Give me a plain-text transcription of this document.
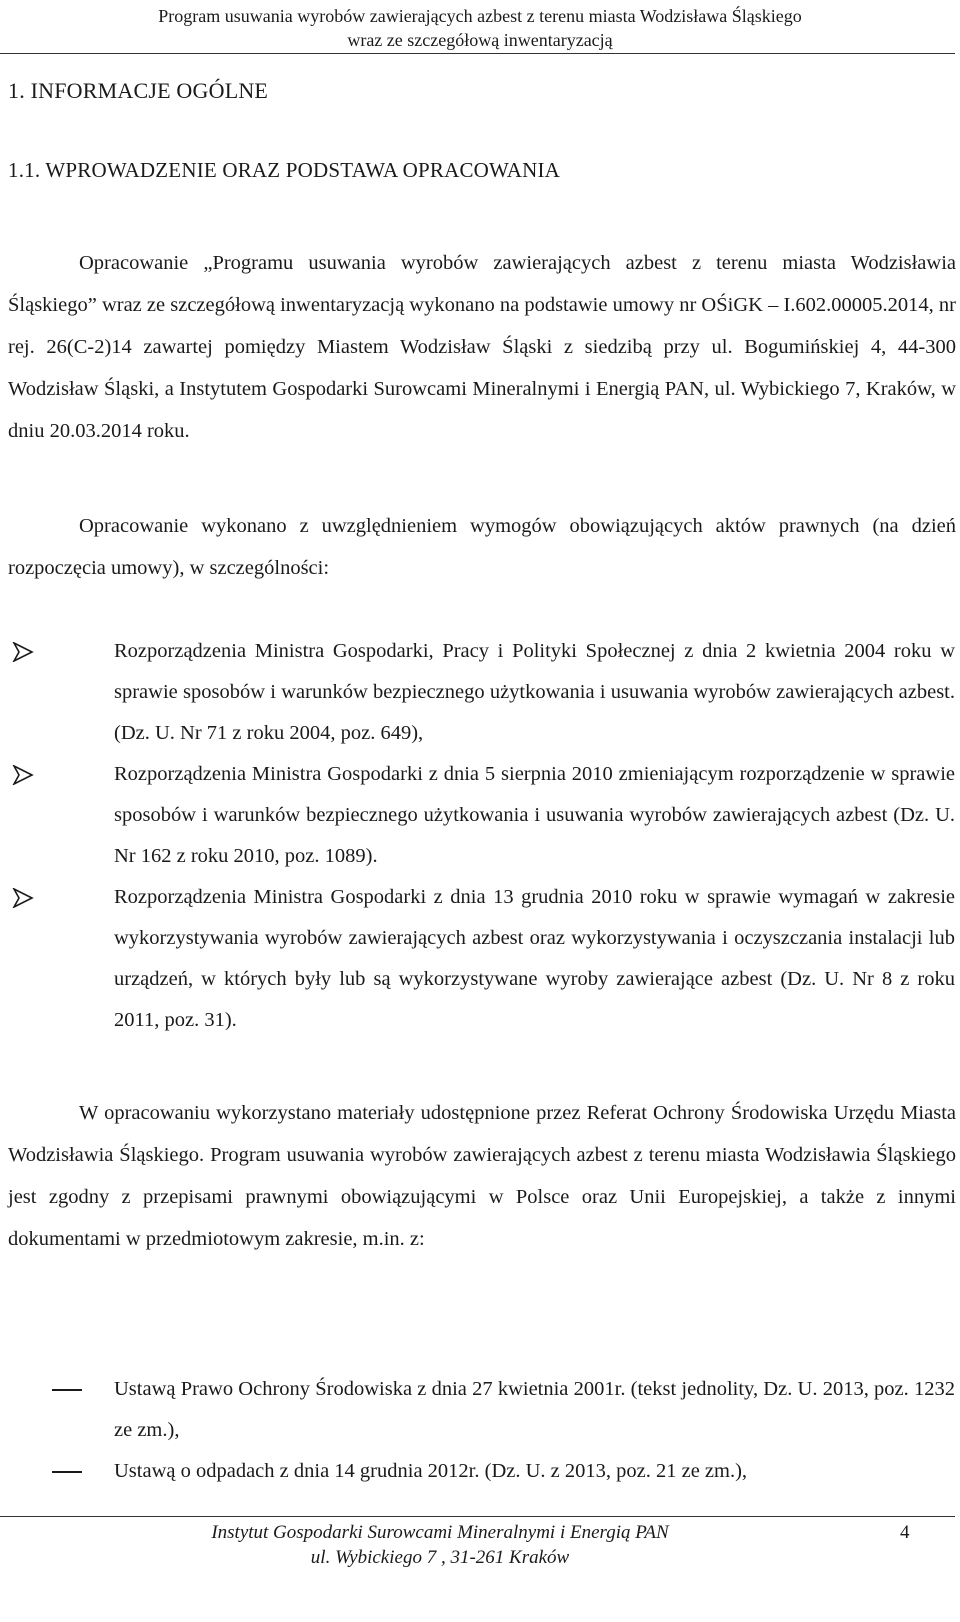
Program usuwania wyrobów zawierających azbest z terenu miasta Wodzisława Śląskiego
wraz ze szczegółową inwentaryzacją
1. INFORMACJE OGÓLNE
1.1. WPROWADZENIE ORAZ PODSTAWA OPRACOWANIA

Opracowanie „Programu usuwania wyrobów zawierających azbest z terenu miasta Wodzisławia Śląskiego” wraz ze szczegółową inwentaryzacją wykonano na podstawie umowy nr OŚiGK – I.602.00005.2014, nr rej. 26(C-2)14 zawartej pomiędzy Miastem Wodzisław Śląski z siedzibą przy ul. Bogumińskiej 4, 44-300 Wodzisław Śląski, a Instytutem Gospodarki Surowcami Mineralnymi i Energią PAN, ul. Wybickiego 7, Kraków, w dniu 20.03.2014 roku.

Opracowanie wykonano z uwzględnieniem wymogów obowiązujących aktów prawnych (na dzień rozpoczęcia umowy), w szczególności:

Rozporządzenia Ministra Gospodarki, Pracy i Polityki Społecznej z dnia 2 kwietnia 2004 roku w sprawie sposobów i warunków bezpiecznego użytkowania i usuwania wyrobów zawierających azbest. (Dz. U. Nr 71 z roku 2004, poz. 649),
Rozporządzenia Ministra Gospodarki z dnia 5 sierpnia 2010 zmieniającym rozporządzenie w sprawie sposobów i warunków bezpiecznego użytkowania i usuwania wyrobów zawierających azbest (Dz. U. Nr 162 z roku 2010, poz. 1089).
Rozporządzenia Ministra Gospodarki z dnia 13 grudnia 2010 roku w sprawie wymagań w zakresie wykorzystywania wyrobów zawierających azbest oraz wykorzystywania i oczyszczania instalacji lub urządzeń, w których były lub są wykorzystywane wyroby zawierające azbest (Dz. U. Nr 8 z roku 2011, poz. 31).

W opracowaniu wykorzystano materiały udostępnione przez Referat Ochrony Środowiska Urzędu Miasta Wodzisławia Śląskiego. Program usuwania wyrobów zawierających azbest z terenu miasta Wodzisławia Śląskiego jest zgodny z przepisami prawnymi obowiązującymi w Polsce oraz Unii Europejskiej, a także z innymi dokumentami w przedmiotowym zakresie, m.in. z:

Ustawą Prawo Ochrony Środowiska z dnia 27 kwietnia 2001r. (tekst jednolity, Dz. U. 2013, poz. 1232 ze zm.),
Ustawą o odpadach z dnia 14 grudnia 2012r. (Dz. U. z 2013, poz. 21 ze zm.),
Instytut Gospodarki Surowcami Mineralnymi i Energią PAN
ul. Wybickiego 7 , 31-261 Kraków
4
